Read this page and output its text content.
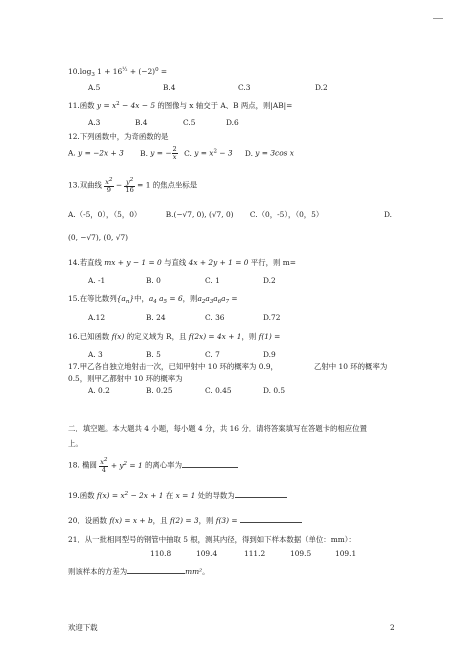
$10.\log_3$ $1 + 16^{\frac{1}{2}} + (-2)^0$ =
A.5	B.4	C.3	D.2
11.函数 $y = x^2 - 4x - 5$ 的图像与 x 轴交于 A、B 两点，则|AB|=
A.3	B.4	C.5	D.6
12.下列函数中，为奇函数的是
A. y = −2x + 3 B. y = − $\frac{2}{x} C$. $y = x^2 - 3$ D. y = 3cos x
13.双曲线 $\frac{x^2}{9} - \frac{y^2}{16} = 1$ 的焦点坐标是
A.（-5，0），（5，0）	B.(−√7, 0), (√7, 0) C.（0，-5），（0，5）	D.
(0, −√7), (0, √7)
14.若直线 mx + y − 1 = 0 与直线 4x + 2y + 1 = 0 平行，则 m=
A. -1	B. 0	C. 1	D.2
15.在等比数列$\{a_n\}$中，$a_4$ $a_5 = 6$，则$a_2a_3a_6a_7$ =
A.12	B. 24	C. 36	D.72
16.已知函数 f(x) 的定义域为 R，且 f(2x) = 4x + 1，则 f(1) =
A. 3	B. 5	C. 7	D.9
17.甲乙各自独立地射击一次，已知甲射中 10 环的概率为 0.9，	乙射中 10 环的概率为
0.5，则甲乙都射中 10 环的概率为
A. 0.2	B. 0.25	C. 0.45	D. 0.5
二．填空题。本大题共 4 小题，每小题 4 分，共 16 分．请将答案填写在答题卡的相应位置
上。
18. 椭圆 $\frac{x^2}{4} + y^2 = 1$ 的离心率为
19.函数 $f(x) = x^2 - 2x + 1$ 在 x = 1 处的导数为
20．设函数 f(x) = x + b，且 f(2) = 3，则 f(3) =
21．从一批相同型号的钢管中抽取 5 根，测其内径，得到如下样本数据（单位：mm）：
110.8	109.4	111.2	109.5	109.1
则该样本的方差为	mm²。
欢迎下载	2
